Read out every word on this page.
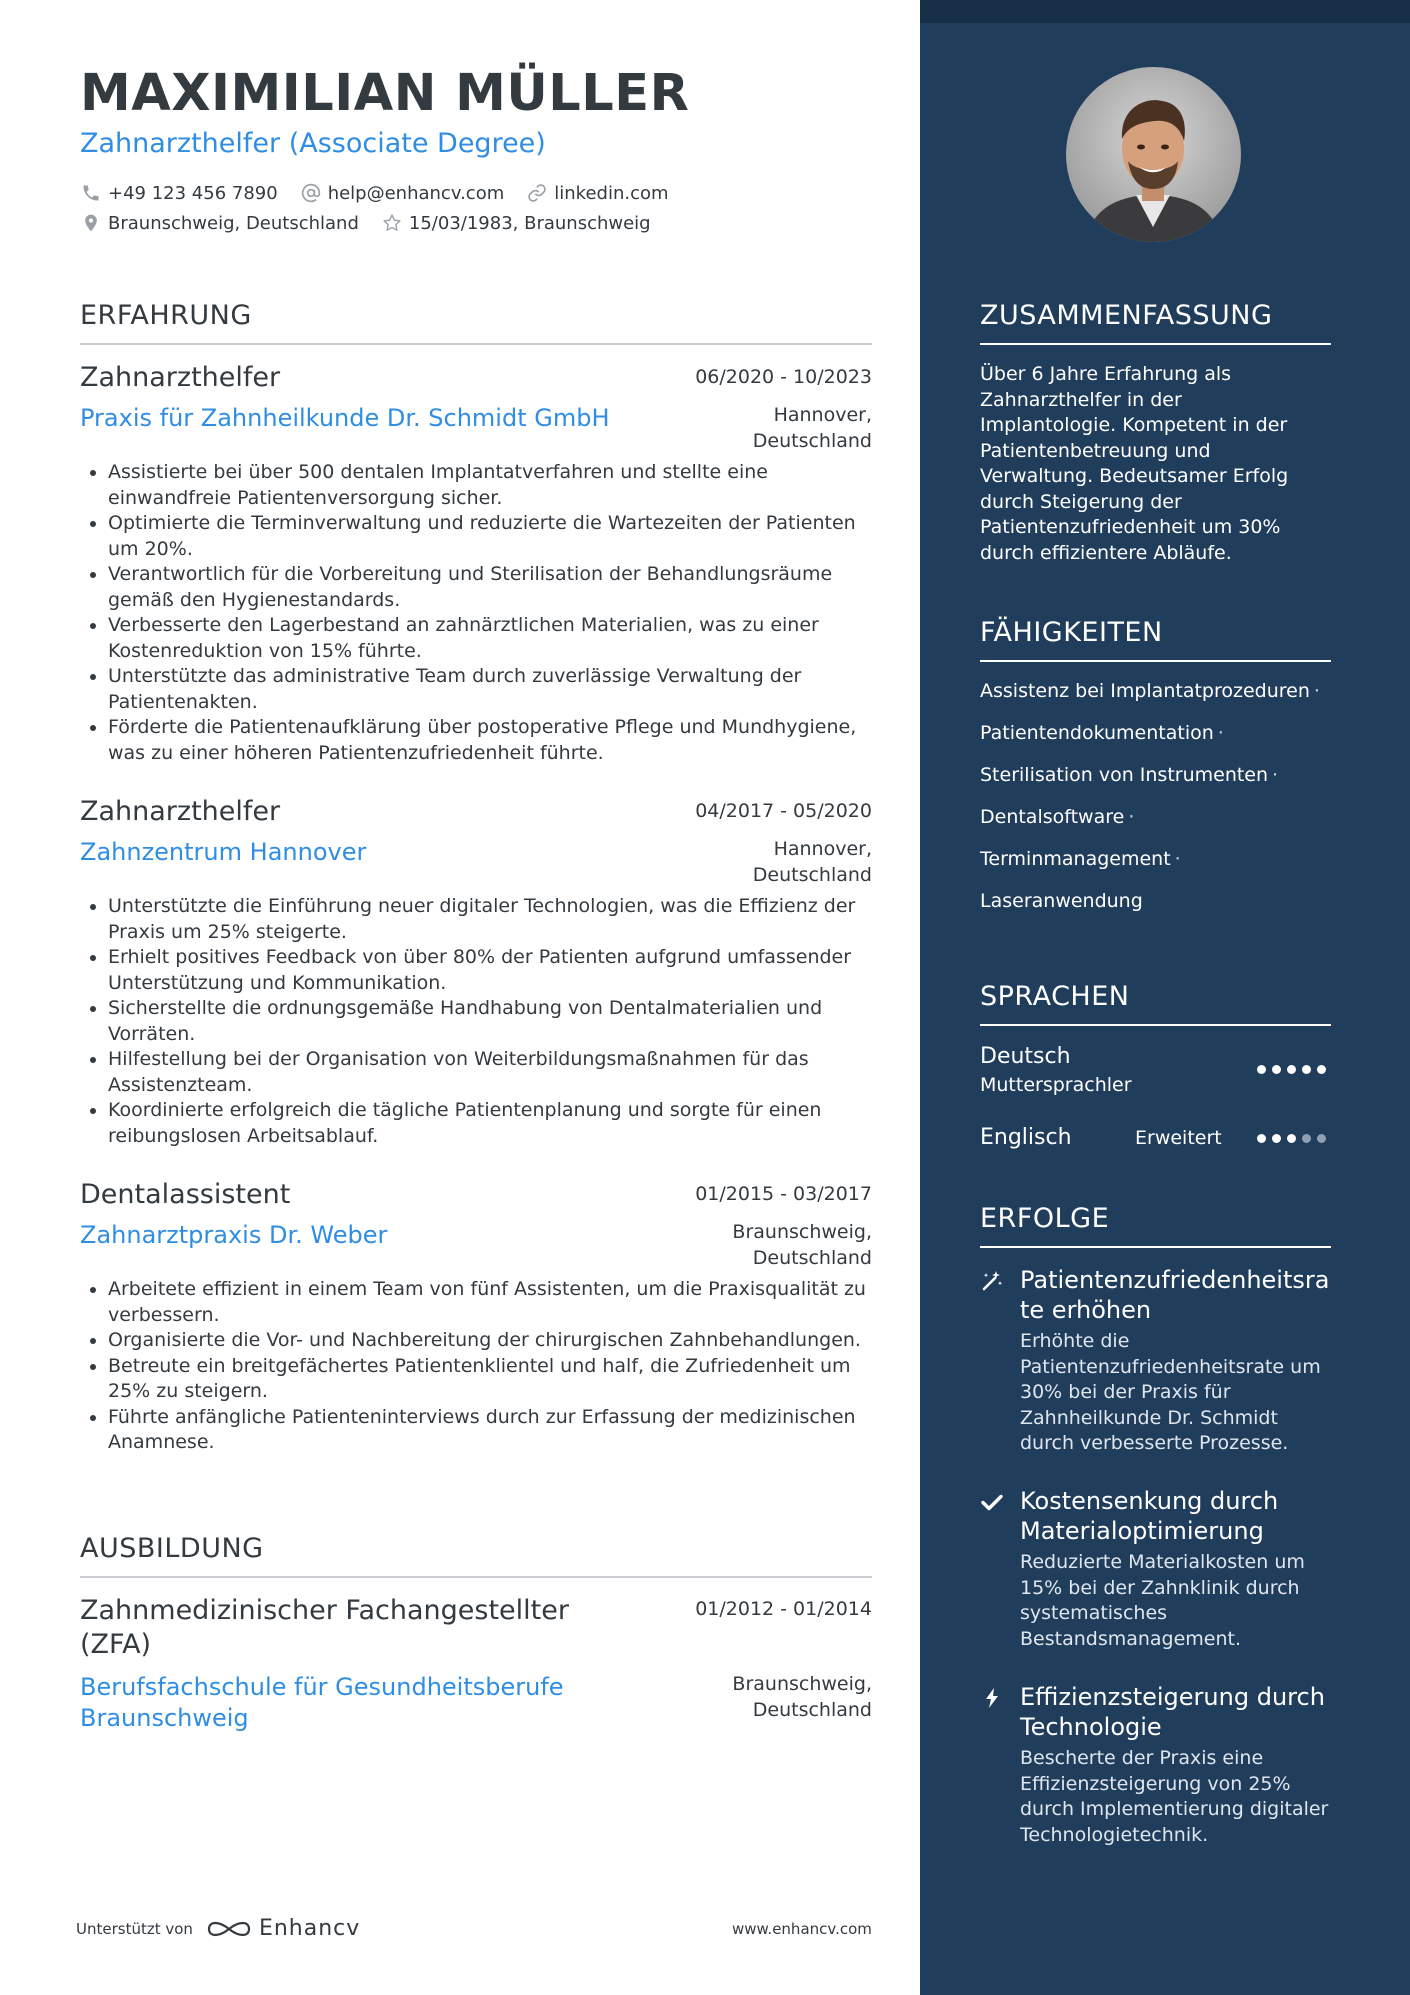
MAXIMILIAN MÜLLER
Zahnarzthelfer (Associate Degree)
+49 123 456 7890	help@enhancv.com	linkedin.com
Braunschweig, Deutschland	15/03/1983, Braunschweig
ERFAHRUNG
Zahnarzthelfer	06/2020 - 10/2023
Praxis für Zahnheilkunde Dr. Schmidt GmbH	Hannover,
Deutschland
• Assistierte bei über 500 dentalen Implantatverfahren und stellte eine einwandfreie Patientenversorgung sicher.
• Optimierte die Terminverwaltung und reduzierte die Wartezeiten der Patienten um 20%.
• Verantwortlich für die Vorbereitung und Sterilisation der Behandlungsräume gemäß den Hygienestandards.
• Verbesserte den Lagerbestand an zahnärztlichen Materialien, was zu einer Kostenreduktion von 15% führte.
• Unterstützte das administrative Team durch zuverlässige Verwaltung der Patientenakten.
• Förderte die Patientenaufklärung über postoperative Pflege und Mundhygiene, was zu einer höheren Patientenzufriedenheit führte.
Zahnarzthelfer	04/2017 - 05/2020
Zahnzentrum Hannover	Hannover,
Deutschland
• Unterstützte die Einführung neuer digitaler Technologien, was die Effizienz der Praxis um 25% steigerte.
• Erhielt positives Feedback von über 80% der Patienten aufgrund umfassender Unterstützung und Kommunikation.
• Sicherstellte die ordnungsgemäße Handhabung von Dentalmaterialien und Vorräten.
• Hilfestellung bei der Organisation von Weiterbildungsmaßnahmen für das Assistenzteam.
• Koordinierte erfolgreich die tägliche Patientenplanung und sorgte für einen reibungslosen Arbeitsablauf.
Dentalassistent	01/2015 - 03/2017
Zahnarztpraxis Dr. Weber	Braunschweig,
Deutschland
• Arbeitete effizient in einem Team von fünf Assistenten, um die Praxisqualität zu verbessern.
• Organisierte die Vor- und Nachbereitung der chirurgischen Zahnbehandlungen.
• Betreute ein breitgefächertes Patientenklientel und half, die Zufriedenheit um 25% zu steigern.
• Führte anfängliche Patienteninterviews durch zur Erfassung der medizinischen Anamnese.
AUSBILDUNG
Zahnmedizinischer Fachangestellter
(ZFA)
01/2012 - 01/2014
Berufsfachschule für Gesundheitsberufe
Braunschweig
Braunschweig,
Deutschland
Unterstützt von	Enhancv	www.enhancv.com
ZUSAMMENFASSUNG
Über 6 Jahre Erfahrung als Zahnarzthelfer in der Implantologie. Kompetent in der Patientenbetreuung und Verwaltung. Bedeutsamer Erfolg durch Steigerung der Patientenzufriedenheit um 30% durch effizientere Abläufe.
FÄHIGKEITEN
Assistenz bei Implantatprozeduren ·
Patientendokumentation ·
Sterilisation von Instrumenten ·
Dentalsoftware ·
Terminmanagement ·
Laseranwendung
SPRACHEN
Deutsch
Muttersprachler
Englisch	Erweitert
ERFOLGE
Patientenzufriedenheitsra
te erhöhen
Erhöhte die Patientenzufriedenheitsrate um 30% bei der Praxis für Zahnheilkunde Dr. Schmidt durch verbesserte Prozesse.
Kostensenkung durch
Materialoptimierung
Reduzierte Materialkosten um 15% bei der Zahnklinik durch systematisches Bestandsmanagement.
Effizienzsteigerung durch
Technologie
Bescherte der Praxis eine Effizienzsteigerung von 25% durch Implementierung digitaler Technologietechnik.
